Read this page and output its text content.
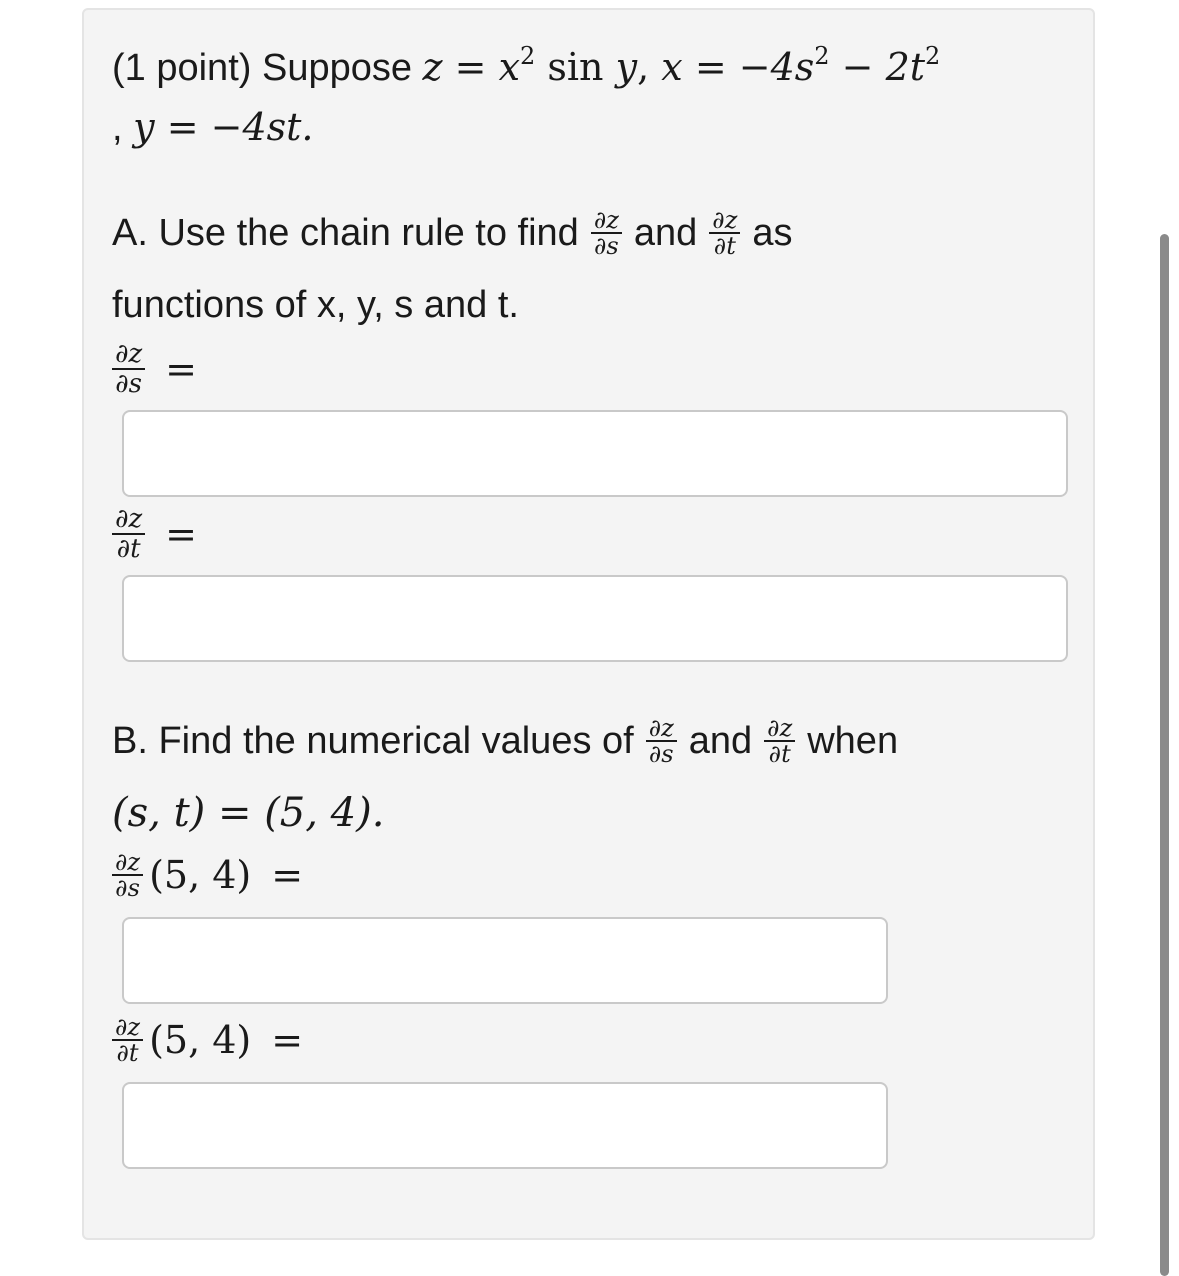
(1 point) Suppose $z = x^2$ sin y, $x = -4s^2 - 2t^2$
, y = −4st.
A. Use the chain rule to find $\frac{\partial z}{\partial s}$ and $\frac{\partial z}{\partial t}$ as
functions of x, y, s and t.
$\frac{\partial z}{\partial s}$ =
$\frac{\partial z}{\partial t}$ =
B. Find the numerical values of $\frac{\partial z}{\partial s}$ and $\frac{\partial z}{\partial t}$ when
(s, t) = (5, 4).
$\frac{\partial z}{\partial s} (5$, 4) =
$\frac{\partial z}{\partial t} (5$, 4) =
